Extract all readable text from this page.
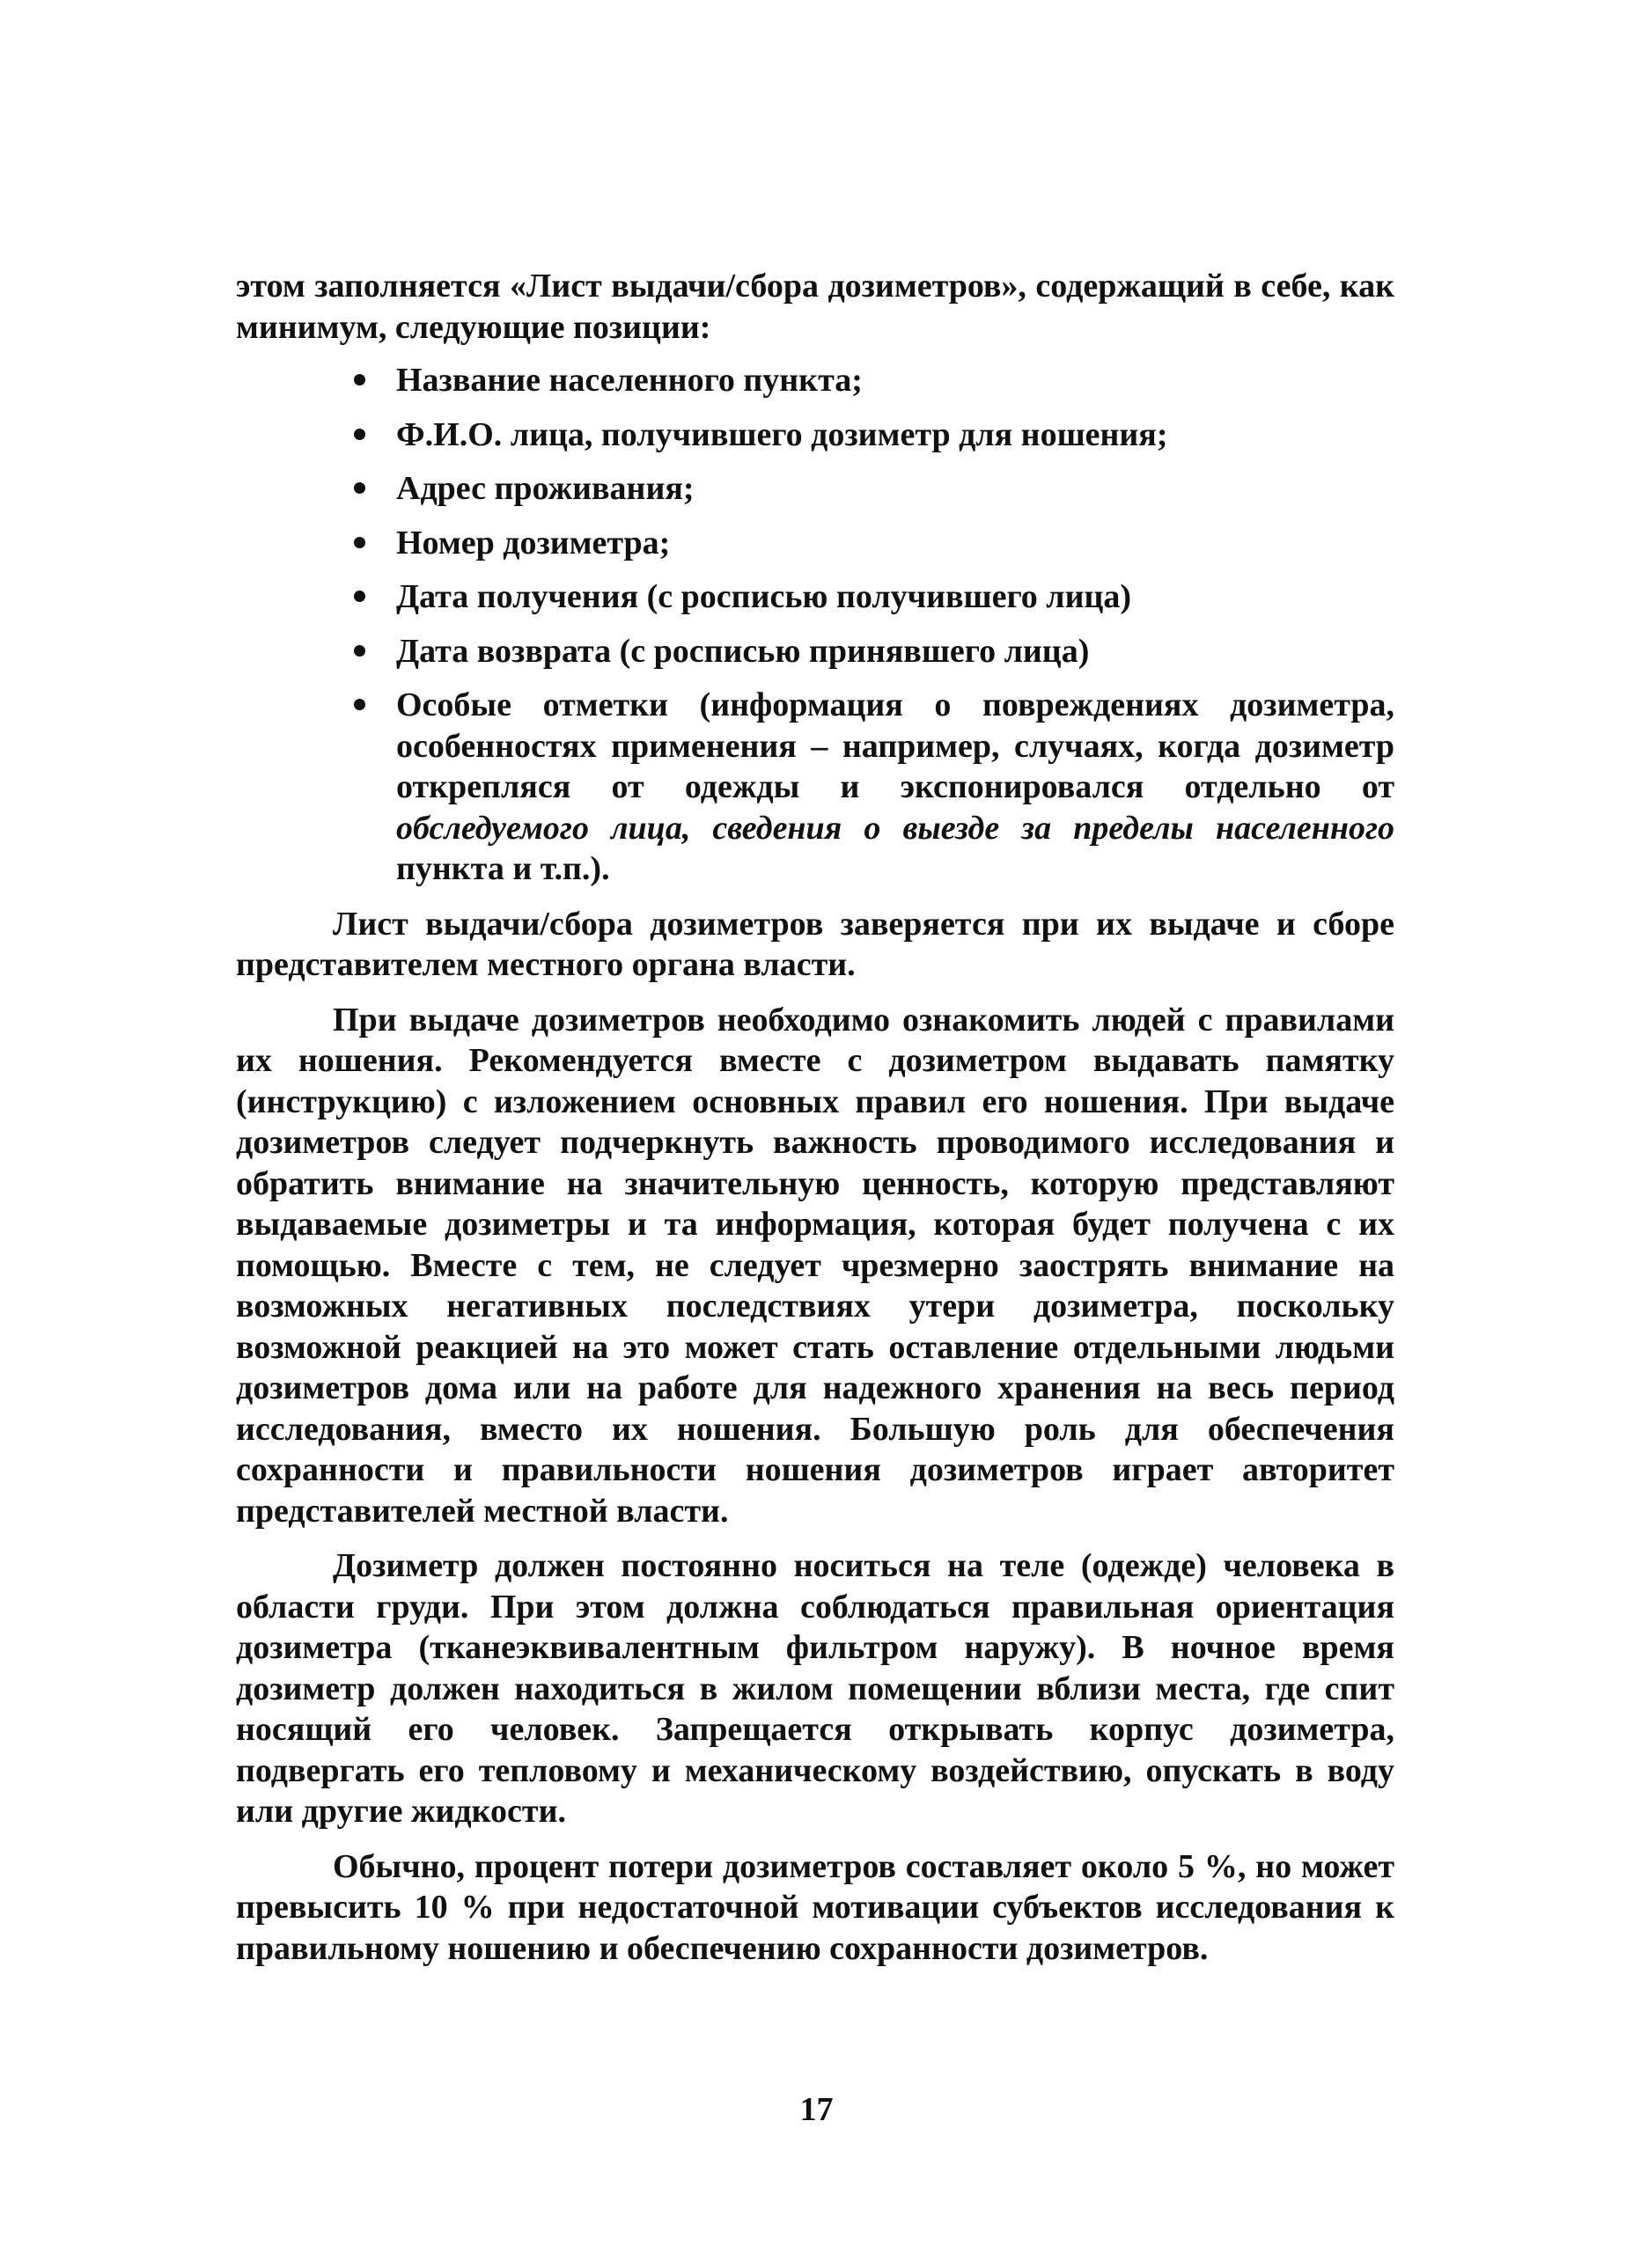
этом заполняется «Лист выдачи/сбора дозиметров», содержащий в себе, как минимум, следующие позиции:

Название населенного пункта;
Ф.И.О. лица, получившего дозиметр для ношения;
Адрес проживания;
Номер дозиметра;
Дата получения (с росписью получившего лица)
Дата возврата (с росписью принявшего лица)
Особые отметки (информация о повреждениях дозиметра, особенностях применения – например, случаях, когда дозиметр открепляся от одежды и экспонировался отдельно от обследуемого лица, сведения о выезде за пределы населенного пункта и т.п.).

Лист выдачи/сбора дозиметров заверяется при их выдаче и сборе представителем местного органа власти.

При выдаче дозиметров необходимо ознакомить людей с правилами их ношения. Рекомендуется вместе с дозиметром выдавать памятку (инструкцию) с изложением основных правил его ношения. При выдаче дозиметров следует подчеркнуть важность проводимого исследования и обратить внимание на значительную ценность, которую представляют выдаваемые дозиметры и та информация, которая будет получена с их помощью. Вместе с тем, не следует чрезмерно заострять внимание на возможных негативных последствиях утери дозиметра, поскольку возможной реакцией на это может стать оставление отдельными людьми дозиметров дома или на работе для надежного хранения на весь период исследования, вместо их ношения. Большую роль для обеспечения сохранности и правильности ношения дозиметров играет авторитет представителей местной власти.

Дозиметр должен постоянно носиться на теле (одежде) человека в области груди. При этом должна соблюдаться правильная ориентация дозиметра (тканеэквивалентным фильтром наружу). В ночное время дозиметр должен находиться в жилом помещении вблизи места, где спит носящий его человек. Запрещается открывать корпус дозиметра, подвергать его тепловому и механическому воздействию, опускать в воду или другие жидкости.

Обычно, процент потери дозиметров составляет около 5 %, но может превысить 10 % при недостаточной мотивации субъектов исследования к правильному ношению и обеспечению сохранности дозиметров.

17
